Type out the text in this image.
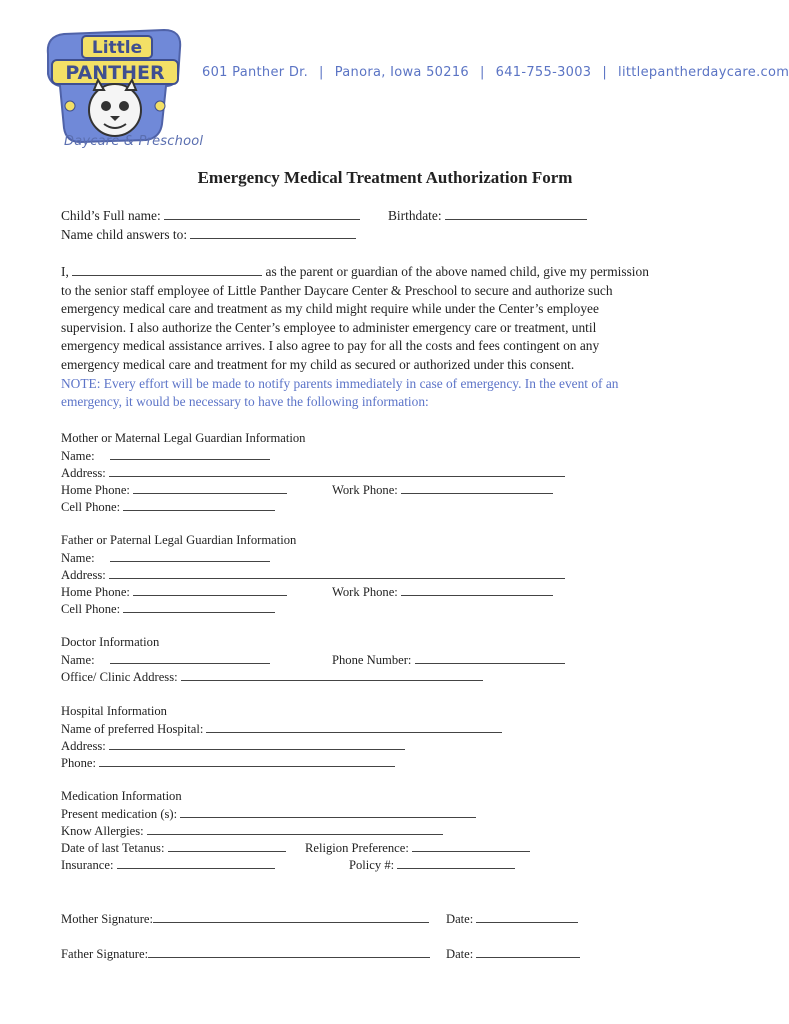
Little
PANTHER
Daycare & Preschool
601 Panther Dr. | Panora, Iowa 50216 | 641-755-3003 | littlepantherdaycare.com
Emergency Medical Treatment Authorization Form
Child’s Full name:	Birthdate:
Name child answers to:
I,	as the parent or guardian of the above named child, give my permission
to the senior staff employee of Little Panther Daycare Center & Preschool to secure and authorize such
emergency medical care and treatment as my child might require while under the Center’s employee
supervision. I also authorize the Center’s employee to administer emergency care or treatment, until
emergency medical assistance arrives. I also agree to pay for all the costs and fees contingent on any
emergency medical care and treatment for my child as secured or authorized under this consent.
NOTE: Every effort will be made to notify parents immediately in case of emergency. In the event of an
emergency, it would be necessary to have the following information:
Mother or Maternal Legal Guardian Information
Name:
Address:
Home Phone:	Work Phone:
Cell Phone:
Father or Paternal Legal Guardian Information
Name:
Address:
Home Phone:	Work Phone:
Cell Phone:
Doctor Information
Name:	Phone Number:
Office/ Clinic Address:
Hospital Information
Name of preferred Hospital:
Address:
Phone:
Medication Information
Present medication (s):
Know Allergies:
Date of last Tetanus:	Religion Preference:
Insurance:	Policy #:
Mother Signature:	Date:
Father Signature:	Date:
